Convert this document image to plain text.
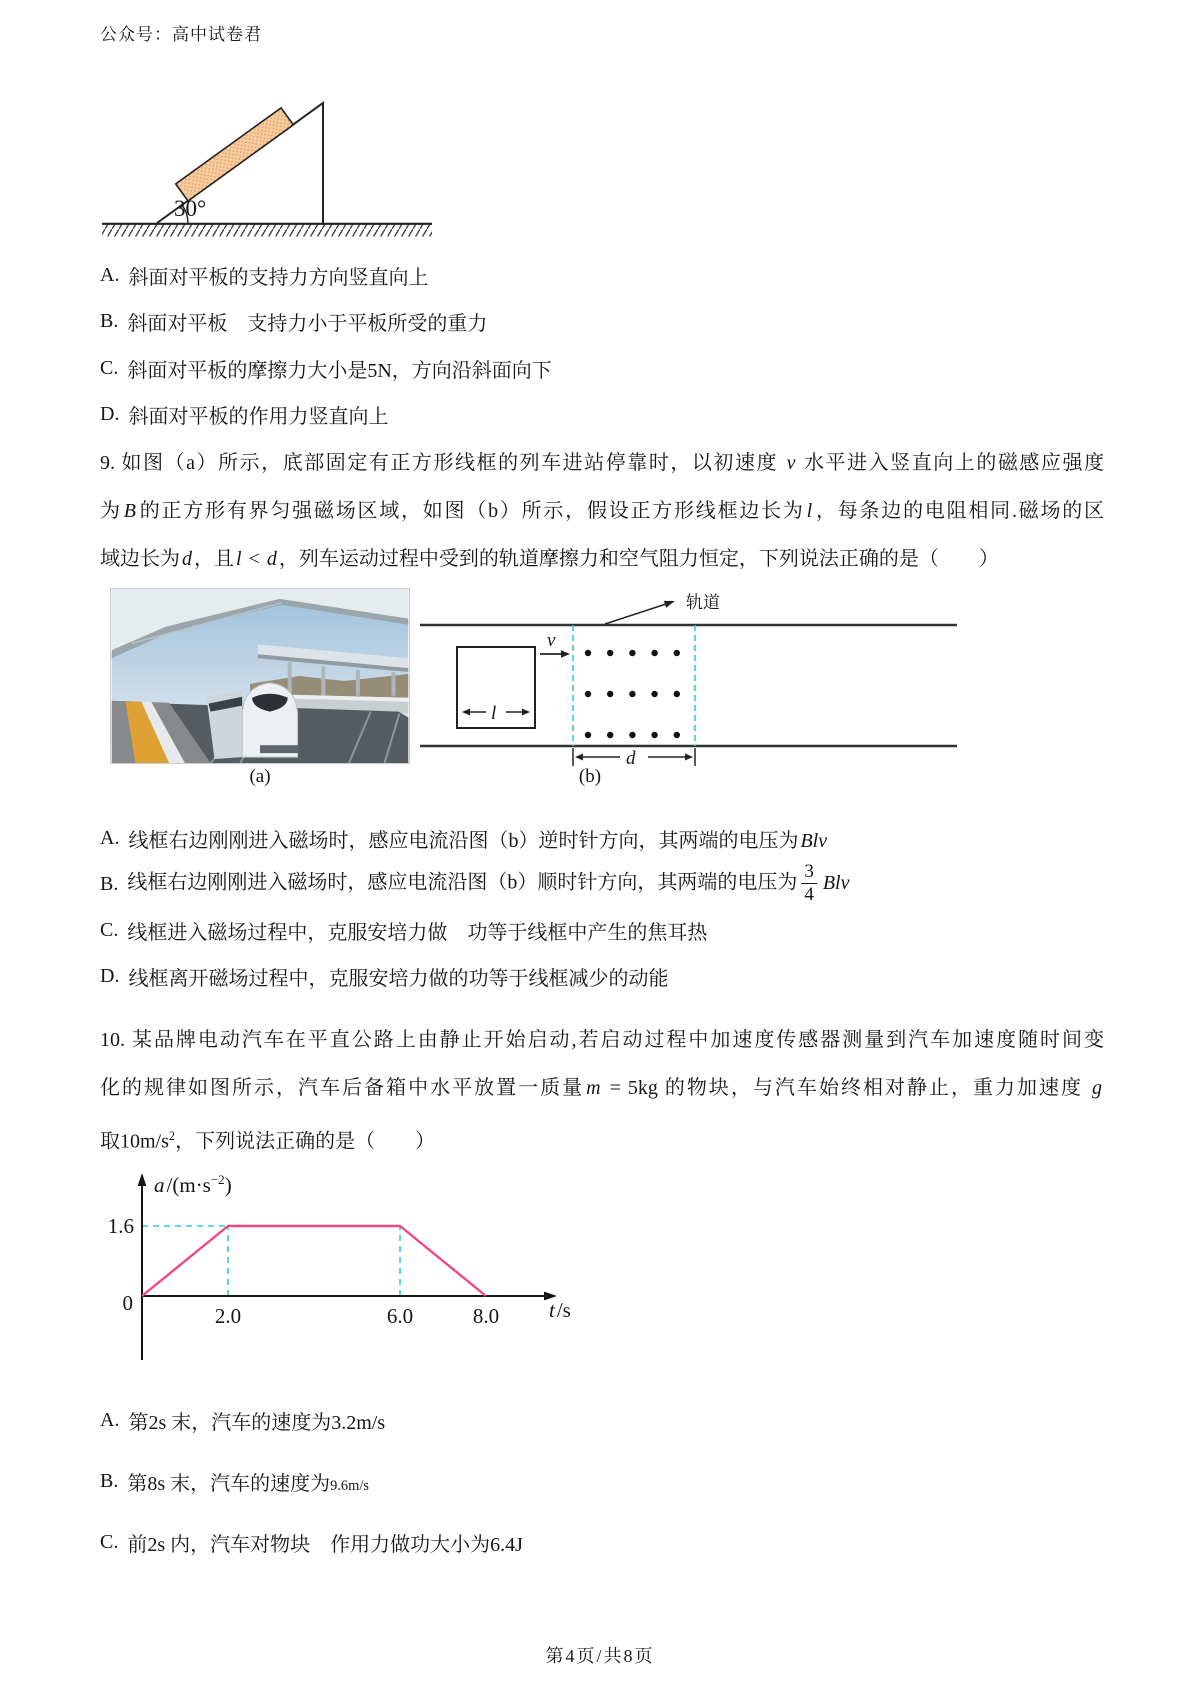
公众号：高中试卷君
30°
A. 斜面对平板的支持力方向竖直向上
B. 斜面对平板　支持力小于平板所受的重力
C. 斜面对平板的摩擦力大小是5N，方向沿斜面向下
D. 斜面对平板的作用力竖直向上
9. 如图（a）所示，底部固定有正方形线框的列车进站停靠时，以初速度 v 水平进入竖直向上的磁感应强度
为 B 的正方形有界匀强磁场区域，如图（b）所示，假设正方形线框边长为 l ，每条边的电阻相同.磁场的区
域边长为 d ，且 l < d ，列车运动过程中受到的轨道摩擦力和空气阻力恒定，下列说法正确的是（　　）
轨道
v
l
d
(a)	(b)
A. 线框右边刚刚进入磁场时，感应电流沿图（b）逆时针方向，其两端的电压为 Blv
B. 线框右边刚刚进入磁场时，感应电流沿图（b）顺时针方向，其两端的电压为 $\frac{3}{4}$ Blv
C. 线框进入磁场过程中，克服安培力做　功等于线框中产生的焦耳热
D. 线框离开磁场过程中，克服安培力做的功等于线框减少的动能
10. 某品牌电动汽车在平直公路上由静止开始启动,若启动过程中加速度传感器测量到汽车加速度随时间变
化的规律如图所示，汽车后备箱中水平放置一质量 m = 5kg 的物块，与汽车始终相对静止，重力加速度 g
取$10m/s^2$，下列说法正确的是（　　）
2.0	6.0	8.0
1.6
0
$a/(m\cdot s^{-2})$
t/s
A. 第2s 末，汽车的速度为3.2m/s
B. 第8s 末，汽车的速度为9.6m/s
C. 前2s 内，汽车对物块　作用力做功大小为6.4J
第4页/共8页
